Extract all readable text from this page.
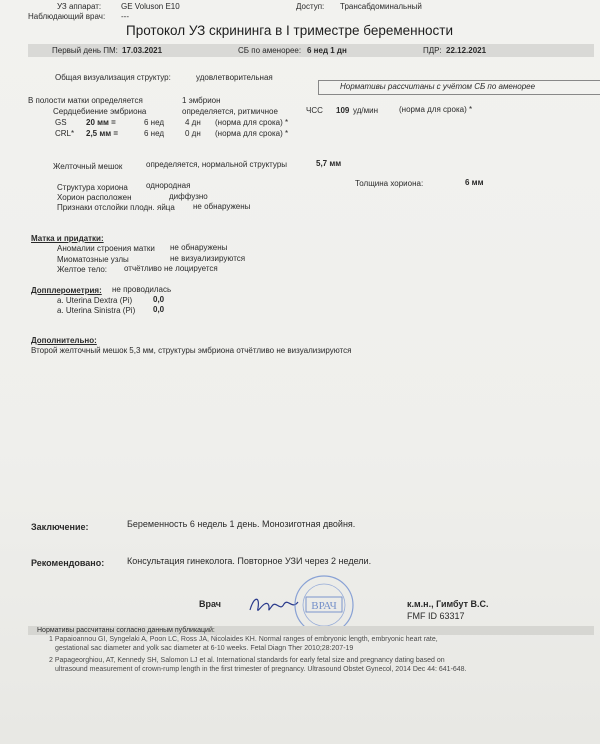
УЗ аппарат: GE Voluson E10
Наблюдающий врач: ---
Доступ: Трансабдоминальный
Протокол УЗ скрининга в I триместре беременности
Первый день ПМ: 17.03.2021	СБ по аменорее: 6 нед 1 дн	ПДР: 22.12.2021
Общая визуализация структур:	удовлетворительная
Нормативы рассчитаны с учётом СБ по аменорее
В полости матки определяется	1 эмбрион
Сердцебиение эмбриона	определяется, ритмичное	ЧСС 109 уд/мин	(норма для срока) *
GS 20 мм =	6 нед	4 дн (норма для срока) *
CRL* 2,5 мм =	6 нед	0 дн (норма для срока) *
Желточный мешок	определяется, нормальной структуры	5,7 мм
Структура хориона однородная	Толщина хориона:	6 мм
Хорион расположен	диффузно
Признаки отслойки плодн. яйца не обнаружены
Матка и придатки:
Аномалии строения матки не обнаружены
Миоматозные узлы	не визуализируются
Желтое тело: отчётливо не лоцируется
Допплерометрия: не проводилась
a. Uterina Dextra (Pi)	0,0
a. Uterina Sinistra (Pi) 0,0
Дополнительно:
Второй желточный мешок 5,3 мм, структуры эмбриона отчётливо не визуализируются
Заключение:	Беременность 6 недель 1 день. Монозиготная двойня.
Рекомендовано:	Консультация гинеколога. Повторное УЗИ через 2 недели.
Врач	ВРАЧ	к.м.н., Гимбут В.С.
FMF ID 63317
Нормативы рассчитаны согласно данным публикаций:
1 Papaioannou GI, Syngelaki A, Poon LC, Ross JA, Nicolaides KH. Normal ranges of embryonic length, embryonic heart rate,
gestational sac diameter and yolk sac diameter at 6-10 weeks. Fetal Diagn Ther 2010;28:207-19
2 Papageorghiou, AT, Kennedy SH, Salomon LJ et al. International standards for early fetal size and pregnancy dating based on
ultrasound measurement of crown-rump length in the first trimester of pregnancy. Ultrasound Obstet Gynecol, 2014 Dec 44: 641-648.
